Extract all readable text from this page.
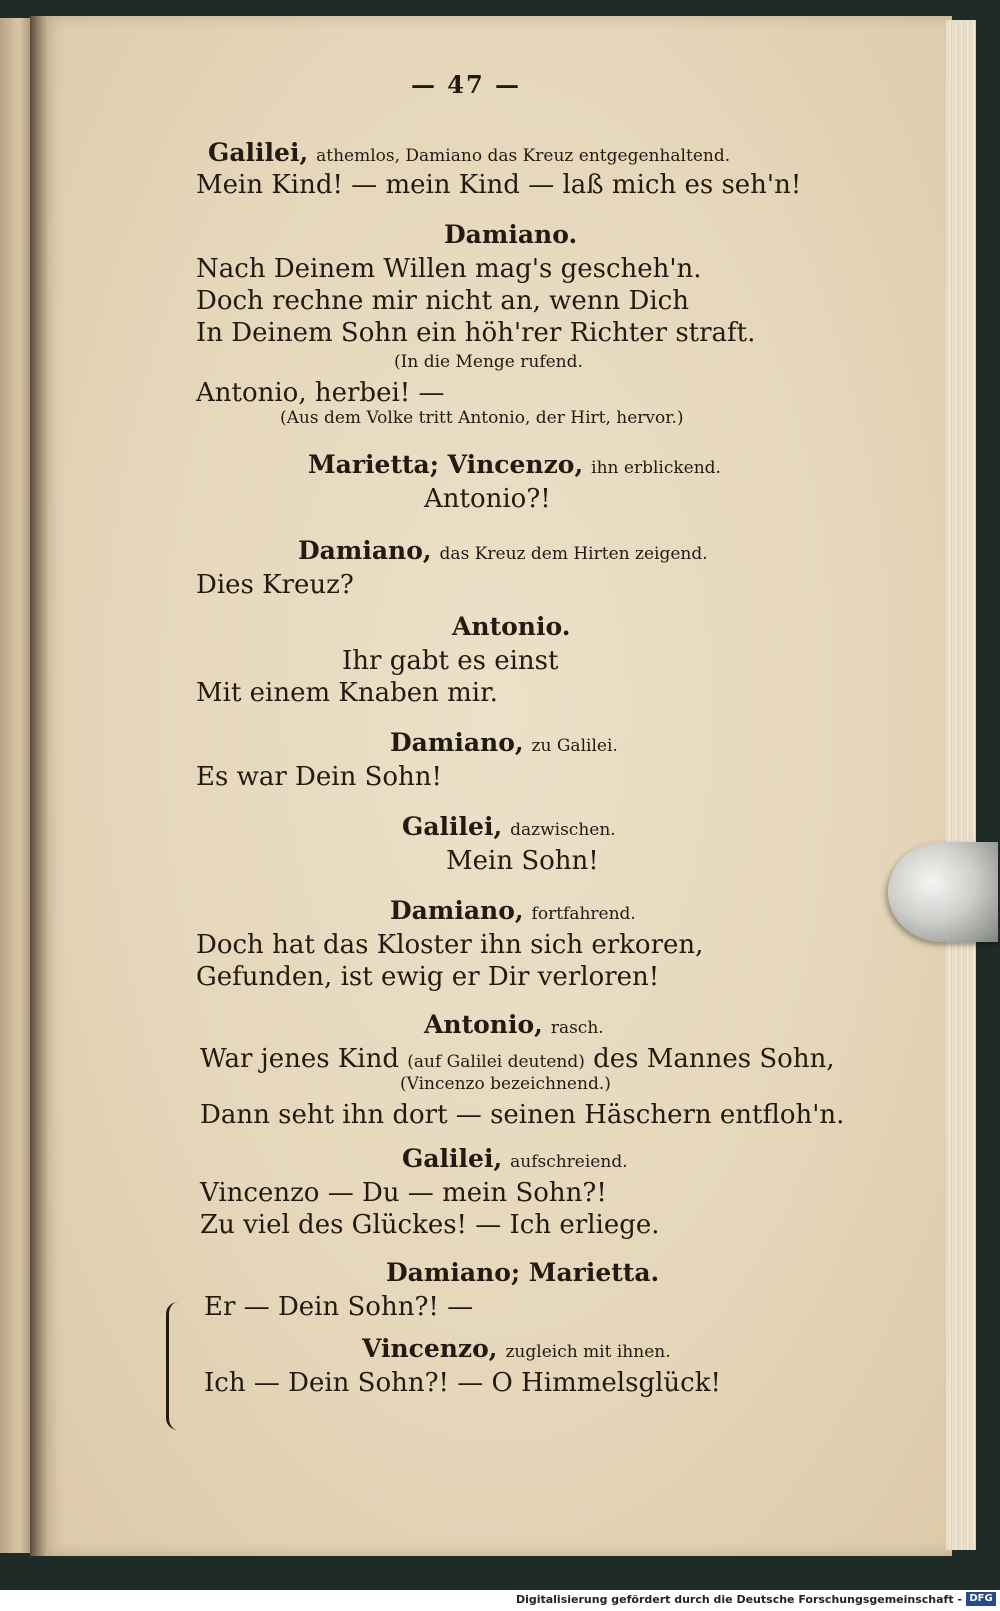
— 47 —
Galilei, athemlos, Damiano das Kreuz entgegenhaltend.
Mein Kind! — mein Kind — laß mich es seh'n!
Damiano.
Nach Deinem Willen mag's gescheh'n.
Doch rechne mir nicht an, wenn Dich
In Deinem Sohn ein höh'rer Richter straft.
(In die Menge rufend.
Antonio, herbei! —
(Aus dem Volke tritt Antonio, der Hirt, hervor.)
Marietta; Vincenzo, ihn erblickend.
Antonio?!
Damiano, das Kreuz dem Hirten zeigend.
Dies Kreuz?
Antonio.
Ihr gabt es einst
Mit einem Knaben mir.
Damiano, zu Galilei.
Es war Dein Sohn!
Galilei, dazwischen.
Mein Sohn!
Damiano, fortfahrend.
Doch hat das Kloster ihn sich erkoren,
Gefunden, ist ewig er Dir verloren!
Antonio, rasch.
War jenes Kind (auf Galilei deutend) des Mannes Sohn,
(Vincenzo bezeichnend.)
Dann seht ihn dort — seinen Häschern entfloh'n.
Galilei, aufschreiend.
Vincenzo — Du — mein Sohn?!
Zu viel des Glückes! — Ich erliege.
Damiano; Marietta.
Er — Dein Sohn?! —
Vincenzo, zugleich mit ihnen.
Ich — Dein Sohn?! — O Himmelsglück!
Digitalisierung gefördert durch die Deutsche Forschungsgemeinschaft - DFG
